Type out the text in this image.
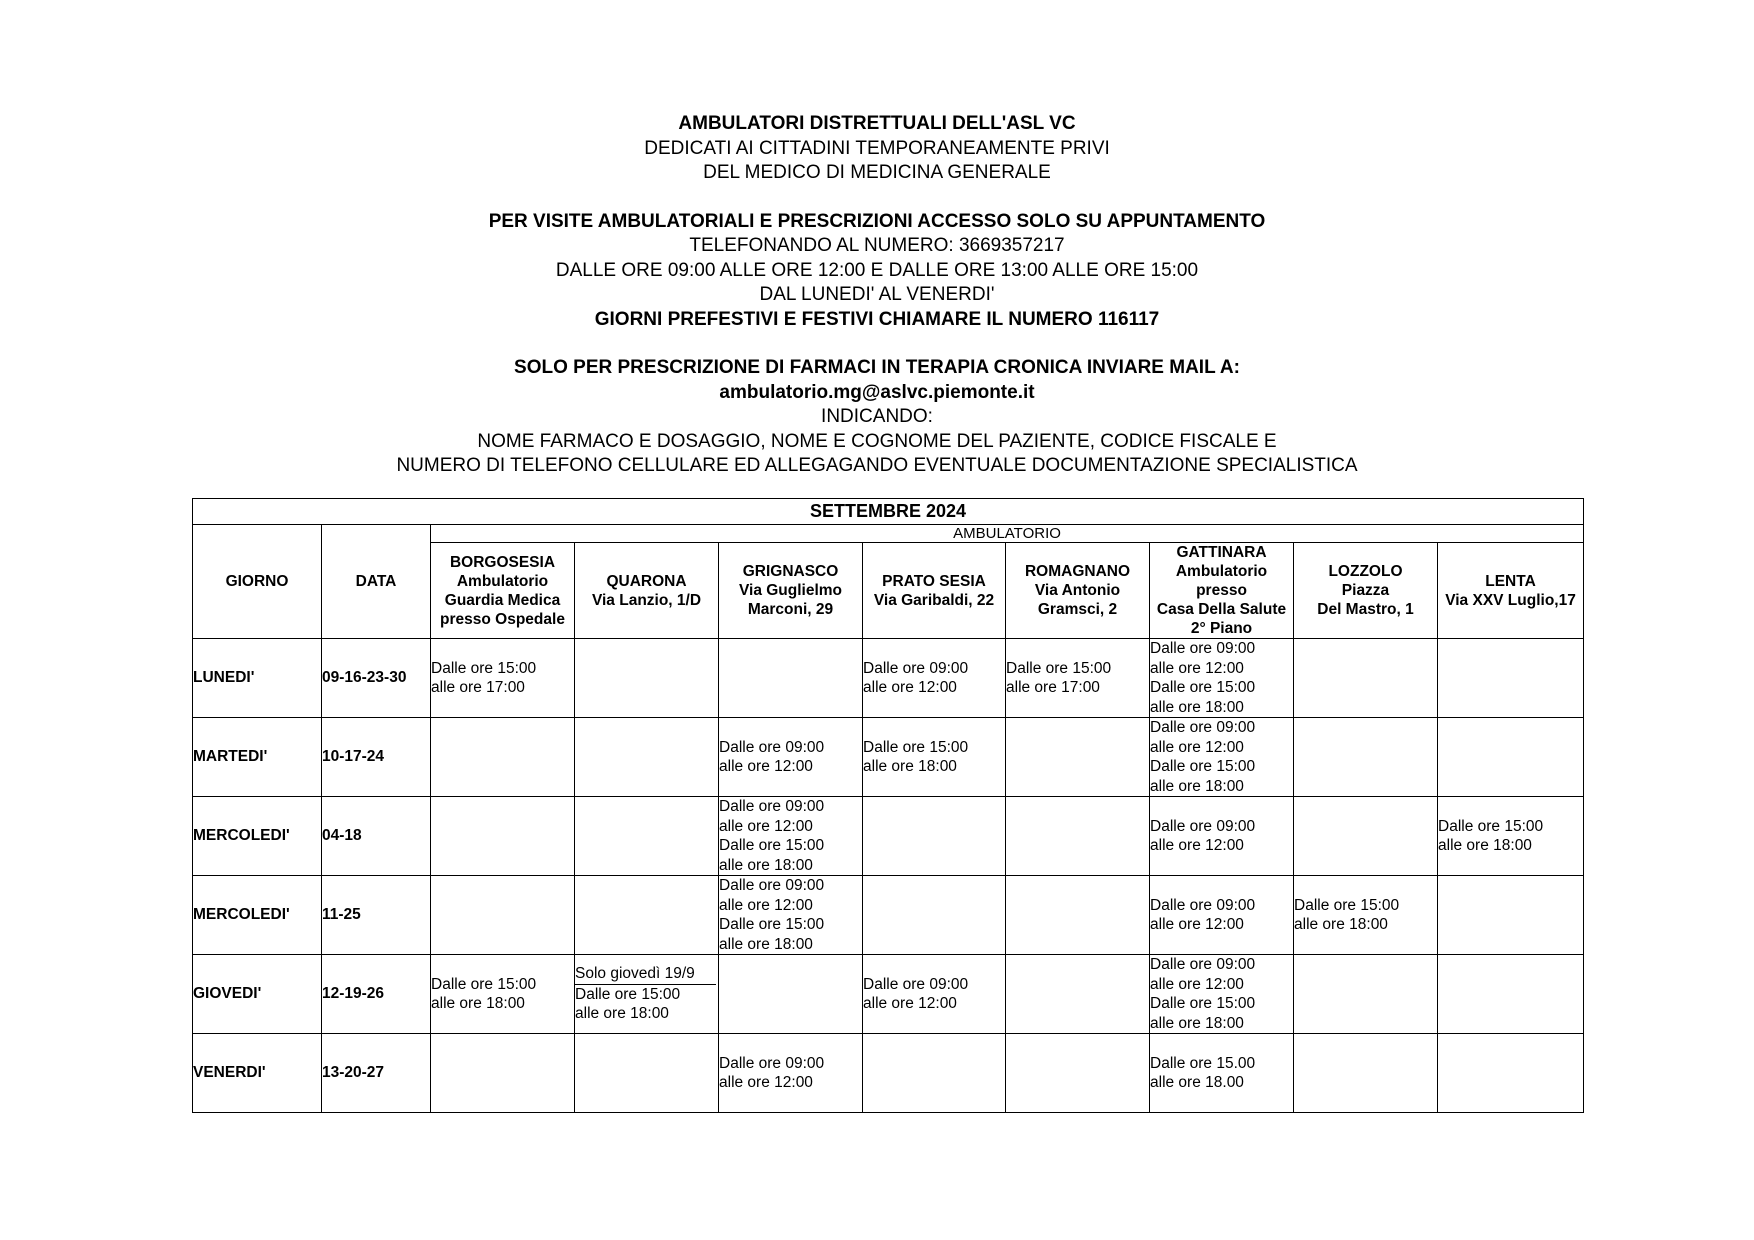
AMBULATORI DISTRETTUALI DELL'ASL VC
DEDICATI AI CITTADINI TEMPORANEAMENTE PRIVI
DEL MEDICO DI MEDICINA GENERALE
PER VISITE AMBULATORIALI E PRESCRIZIONI ACCESSO SOLO SU APPUNTAMENTO
TELEFONANDO AL NUMERO: 3669357217
DALLE ORE 09:00 ALLE ORE 12:00 E DALLE ORE 13:00 ALLE ORE 15:00
DAL LUNEDI' AL VENERDI'
GIORNI PREFESTIVI E FESTIVI CHIAMARE IL NUMERO 116117
SOLO PER PRESCRIZIONE DI FARMACI IN TERAPIA CRONICA INVIARE MAIL A:
ambulatorio.mg@aslvc.piemonte.it
INDICANDO:
NOME FARMACO E DOSAGGIO, NOME E COGNOME DEL PAZIENTE, CODICE FISCALE E
NUMERO DI TELEFONO CELLULARE ED ALLEGAGANDO EVENTUALE DOCUMENTAZIONE SPECIALISTICA
SETTEMBRE 2024									
GIORNO	DATA	AMBULATORIO							

		BORGOSESIA
Ambulatorio
Guardia Medica
presso Ospedale	QUARONA
Via Lanzio, 1/D	GRIGNASCO
Via Guglielmo
Marconi, 29	PRATO SESIA
Via Garibaldi, 22	ROMAGNANO
Via Antonio
Gramsci, 2	GATTINARA
Ambulatorio
presso
Casa Della Salute
2° Piano	LOZZOLO
Piazza
Del Mastro, 1	LENTA
Via XXV Luglio,17

LUNEDI'	09-16-23-30	Dalle ore 15:00
alle ore 17:00			Dalle ore 09:00
alle ore 12:00	Dalle ore 15:00
alle ore 17:00	Dalle ore 09:00
alle ore 12:00
Dalle ore 15:00
alle ore 18:00		

MARTEDI'	10-17-24			Dalle ore 09:00
alle ore 12:00	Dalle ore 15:00
alle ore 18:00		Dalle ore 09:00
alle ore 12:00
Dalle ore 15:00
alle ore 18:00		

MERCOLEDI'	04-18			Dalle ore 09:00
alle ore 12:00
Dalle ore 15:00
alle ore 18:00			Dalle ore 09:00
alle ore 12:00		Dalle ore 15:00
alle ore 18:00

MERCOLEDI'	11-25			Dalle ore 09:00
alle ore 12:00
Dalle ore 15:00
alle ore 18:00			Dalle ore 09:00
alle ore 12:00	Dalle ore 15:00
alle ore 18:00	

GIOVEDI'	12-19-26	Dalle ore 15:00
alle ore 18:00	Solo giovedì 19/9
Dalle ore 15:00
alle ore 18:00		Dalle ore 09:00
alle ore 12:00		Dalle ore 09:00
alle ore 12:00
Dalle ore 15:00
alle ore 18:00		

VENERDI'	13-20-27			Dalle ore 09:00
alle ore 12:00			Dalle ore 15.00
alle ore 18.00		
